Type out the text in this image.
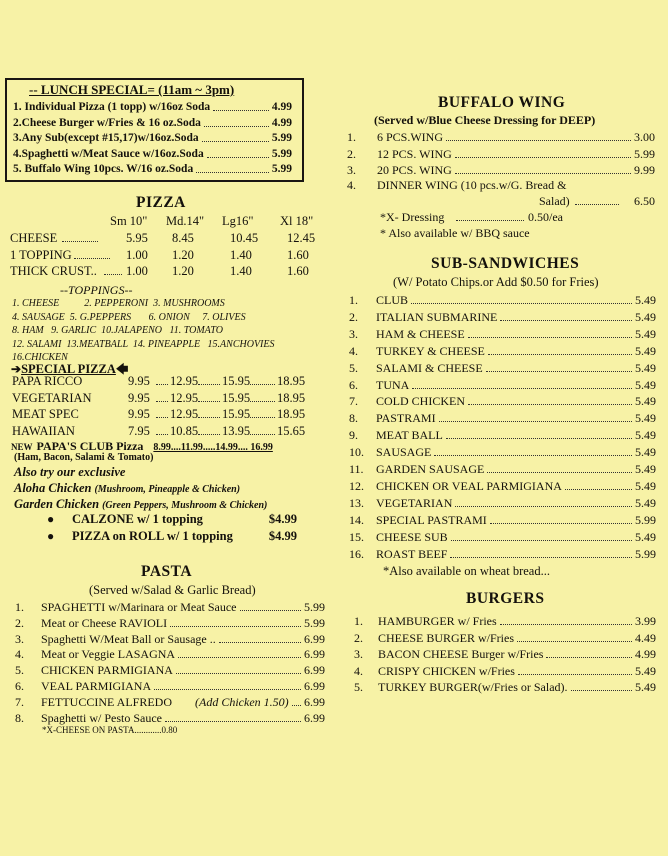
-- LUNCH SPECIAL= (11am ~ 3pm)
1. Individual Pizza (1 topp) w/16oz Soda	4.99
2.Cheese Burger w/Fries & 16 oz.Soda	4.99
3.Any Sub(except #15,17)w/16oz.Soda	5.99
4.Spaghetti w/Meat Sauce w/16oz.Soda	5.99
5. Buffalo Wing 10pcs. W/16 oz.Soda	5.99
PIZZA
Sm 10" Md.14" Lg16" Xl 18"
CHEESE	5.95 8.45	10.45 12.45
1 TOPPING	1.00 1.20	1.40	1.60
THICK CRUST.. 1.00 1.20	1.40	1.60
--TOPPINGS--
1. CHEESE          2. PEPPERONI  3. MUSHROOMS
4. SAUSAGE  5. G.PEPPERS       6. ONION     7. OLIVES
8. HAM   9. GARLIC  10.JALAPENO   11. TOMATO
12. SALAMI  13.MEATBALL  14. PINEAPPLE   15.ANCHOVIES
16.CHICKEN
➔SPECIAL PIZZA🡄
PAPA RICCO	9.95 12.95 15.95 18.95
VEGETARIAN	9.95 12.95 15.95 18.95
MEAT SPEC	9.95 12.95 15.95 18.95
HAWAIIAN	7.95 10.85 13.95 15.65
NEW PAPA'S CLUB Pizza 8.99....11.99.....14.99.... 16.99
(Ham, Bacon, Salami & Tomato)
Also try our exclusive
Aloha Chicken (Mushroom, Pineapple & Chicken)
Garden Chicken (Green Peppers, Mushroom & Chicken)
● CALZONE w/ 1 topping	$4.99
● PIZZA on ROLL w/ 1 topping	$4.99
PASTA
(Served w/Salad & Garlic Bread)
1. SPAGHETTI w/Marinara or Meat Sauce	5.99
2. Meat or Cheese RAVIOLI	5.99
3. Spaghetti W/Meat Ball or Sausage ..	6.99
4. Meat or Veggie LASAGNA	6.99
5. CHICKEN PARMIGIANA	6.99
6. VEAL PARMIGIANA	6.99
7. FETTUCCINE ALFREDO (Add Chicken 1.50) 6.99
8. Spaghetti w/ Pesto Sauce	6.99
*X-CHEESE ON PASTA............0.80
BUFFALO WING
(Served w/Blue Cheese Dressing for DEEP)
1. 6 PCS.WING	3.00
2. 12 PCS. WING	5.99
3. 20 PCS. WING	9.99
4. DINNER WING (10 pcs.w/G. Bread &
Salad)	6.50
*X- Dressing	0.50/ea
* Also available w/ BBQ sauce
SUB-SANDWICHES
(W/ Potato Chips.or Add $0.50 for Fries)
1. CLUB	5.49
2. ITALIAN SUBMARINE	5.49
3. HAM & CHEESE	5.49
4. TURKEY & CHEESE	5.49
5. SALAMI & CHEESE	5.49
6. TUNA	5.49
7. COLD CHICKEN	5.49
8. PASTRAMI	5.49
9. MEAT BALL	5.49
10. SAUSAGE	5.49
11. GARDEN SAUSAGE	5.49
12. CHICKEN OR VEAL PARMIGIANA	5.49
13. VEGETARIAN	5.49
14. SPECIAL PASTRAMI	5.99
15. CHEESE SUB	5.49
16. ROAST BEEF	5.99
*Also available on wheat bread...
BURGERS
1. HAMBURGER w/ Fries	3.99
2. CHEESE BURGER w/Fries	4.49
3. BACON CHEESE Burger w/Fries	4.99
4. CRISPY CHICKEN w/Fries	5.49
5. TURKEY BURGER(w/Fries or Salad).	5.49
